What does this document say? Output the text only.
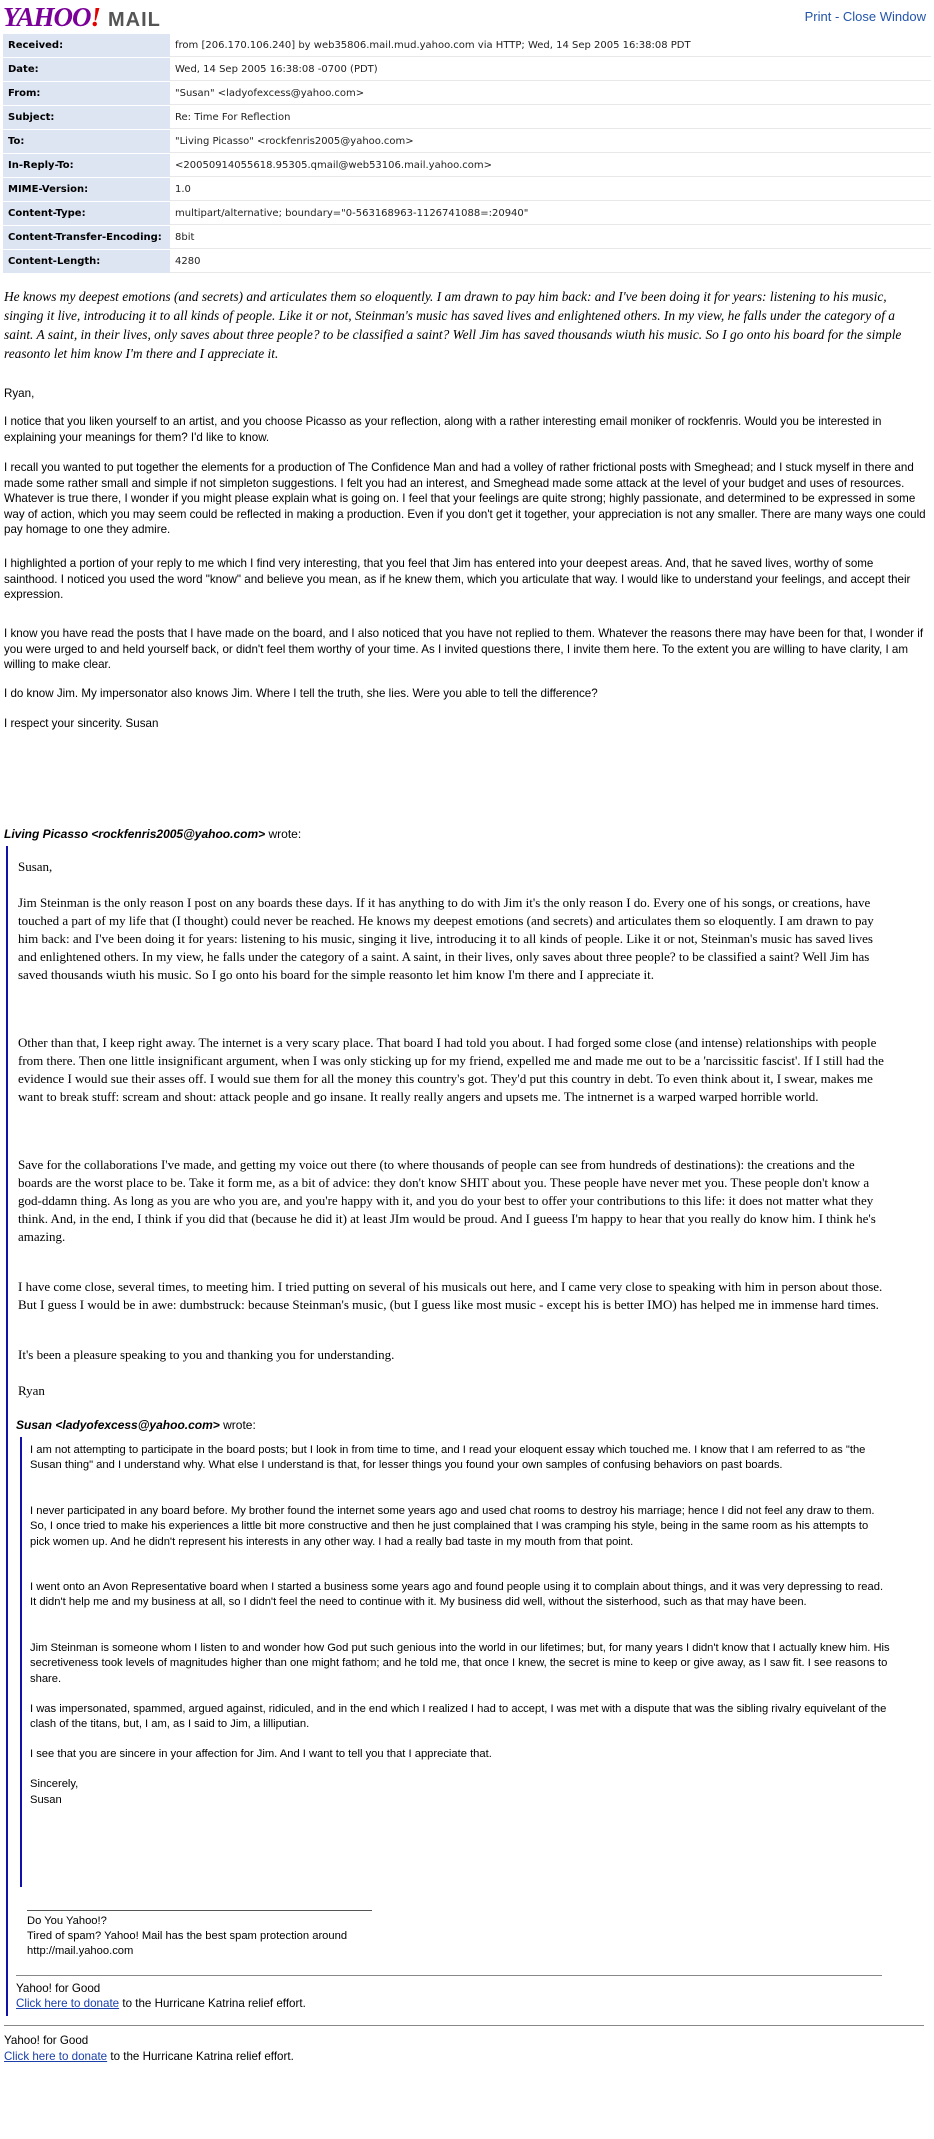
YAHOO ! MAIL	Print - Close Window
Received:	from [206.170.106.240] by web35806.mail.mud.yahoo.com via HTTP; Wed, 14 Sep 2005 16:38:08 PDT
Date:	Wed, 14 Sep 2005 16:38:08 -0700 (PDT)
From:	"Susan" <ladyofexcess@yahoo.com>
Subject:	Re: Time For Reflection
To:	"Living Picasso" <rockfenris2005@yahoo.com>
In-Reply-To:	<20050914055618.95305.qmail@web53106.mail.yahoo.com>
MIME-Version:	1.0
Content-Type:	multipart/alternative; boundary="0-563168963-1126741088=:20940"
Content-Transfer-Encoding:	8bit
Content-Length:	4280
He knows my deepest emotions (and secrets) and articulates them so eloquently. I am drawn to pay him back: and I've been doing it for years: listening to his music, singing it live, introducing it to all kinds of people. Like it or not, Steinman's music has saved lives and enlightened others. In my view, he falls under the category of a saint. A saint, in their lives, only saves about three people? to be classified a saint? Well Jim has saved thousands wiuth his music. So I go onto his board for the simple reasonto let him know I'm there and I appreciate it.
Ryan,
I notice that you liken yourself to an artist, and you choose Picasso as your reflection, along with a rather interesting email moniker of rockfenris. Would you be interested in explaining your meanings for them? I'd like to know.
I recall you wanted to put together the elements for a production of The Confidence Man and had a volley of rather frictional posts with Smeghead; and I stuck myself in there and made some rather small and simple if not simpleton suggestions. I felt you had an interest, and Smeghead made some attack at the level of your budget and uses of resources. Whatever is true there, I wonder if you might please explain what is going on. I feel that your feelings are quite strong; highly passionate, and determined to be expressed in some way of action, which you may seem could be reflected in making a production. Even if you don't get it together, your appreciation is not any smaller. There are many ways one could pay homage to one they admire.
I highlighted a portion of your reply to me which I find very interesting, that you feel that Jim has entered into your deepest areas. And, that he saved lives, worthy of some sainthood. I noticed you used the word "know" and believe you mean, as if he knew them, which you articulate that way. I would like to understand your feelings, and accept their expression.
I know you have read the posts that I have made on the board, and I also noticed that you have not replied to them. Whatever the reasons there may have been for that, I wonder if you were urged to and held yourself back, or didn't feel them worthy of your time. As I invited questions there, I invite them here. To the extent you are willing to have clarity, I am willing to make clear.
I do know Jim. My impersonator also knows Jim. Where I tell the truth, she lies. Were you able to tell the difference?
I respect your sincerity. Susan
Living Picasso <rockfenris2005@yahoo.com> wrote:
Susan,
Jim Steinman is the only reason I post on any boards these days. If it has anything to do with Jim it's the only reason I do. Every one of his songs, or creations, have touched a part of my life that (I thought) could never be reached. He knows my deepest emotions (and secrets) and articulates them so eloquently. I am drawn to pay him back: and I've been doing it for years: listening to his music, singing it live, introducing it to all kinds of people. Like it or not, Steinman's music has saved lives and enlightened others. In my view, he falls under the category of a saint. A saint, in their lives, only saves about three people? to be classified a saint? Well Jim has saved thousands wiuth his music. So I go onto his board for the simple reasonto let him know I'm there and I appreciate it.
Other than that, I keep right away. The internet is a very scary place. That board I had told you about. I had forged some close (and intense) relationships with people from there. Then one little insignificant argument, when I was only sticking up for my friend, expelled me and made me out to be a 'narcissitic fascist'. If I still had the evidence I would sue their asses off. I would sue them for all the money this country's got. They'd put this country in debt. To even think about it, I swear, makes me want to break stuff: scream and shout: attack people and go insane. It really really angers and upsets me. The intnernet is a warped warped horrible world.
Save for the collaborations I've made, and getting my voice out there (to where thousands of people can see from hundreds of destinations): the creations and the boards are the worst place to be. Take it form me, as a bit of advice: they don't know SHIT about you. These people have never met you. These people don't know a god-ddamn thing. As long as you are who you are, and you're happy with it, and you do your best to offer your contributions to this life: it does not matter what they think. And, in the end, I think if you did that (because he did it) at least JIm would be proud. And I gueess I'm happy to hear that you really do know him. I think he's amazing.
I have come close, several times, to meeting him. I tried putting on several of his musicals out here, and I came very close to speaking with him in person about those. But I guess I would be in awe: dumbstruck: because Steinman's music, (but I guess like most music - except his is better IMO) has helped me in immense hard times.
It's been a pleasure speaking to you and thanking you for understanding.
Ryan
Susan <ladyofexcess@yahoo.com> wrote:
I am not attempting to participate in the board posts; but I look in from time to time, and I read your eloquent essay which touched me. I know that I am referred to as "the Susan thing" and I understand why. What else I understand is that, for lesser things you found your own samples of confusing behaviors on past boards.
I never participated in any board before. My brother found the internet some years ago and used chat rooms to destroy his marriage; hence I did not feel any draw to them. So, I once tried to make his experiences a little bit more constructive and then he just complained that I was cramping his style, being in the same room as his attempts to pick women up. And he didn't represent his interests in any other way. I had a really bad taste in my mouth from that point.
I went onto an Avon Representative board when I started a business some years ago and found people using it to complain about things, and it was very depressing to read. It didn't help me and my business at all, so I didn't feel the need to continue with it. My business did well, without the sisterhood, such as that may have been.
Jim Steinman is someone whom I listen to and wonder how God put such genious into the world in our lifetimes; but, for many years I didn't know that I actually knew him. His secretiveness took levels of magnitudes higher than one might fathom; and he told me, that once I knew, the secret is mine to keep or give away, as I saw fit. I see reasons to share.
I was impersonated, spammed, argued against, ridiculed, and in the end which I realized I had to accept, I was met with a dispute that was the sibling rivalry equivelant of the clash of the titans, but, I am, as I said to Jim, a lilliputian.
I see that you are sincere in your affection for Jim. And I want to tell you that I appreciate that.
Sincerely,
Susan
Do You Yahoo!?
Tired of spam? Yahoo! Mail has the best spam protection around
http://mail.yahoo.com
Yahoo! for Good
Click here to donate to the Hurricane Katrina relief effort.
Yahoo! for Good
Click here to donate to the Hurricane Katrina relief effort.
